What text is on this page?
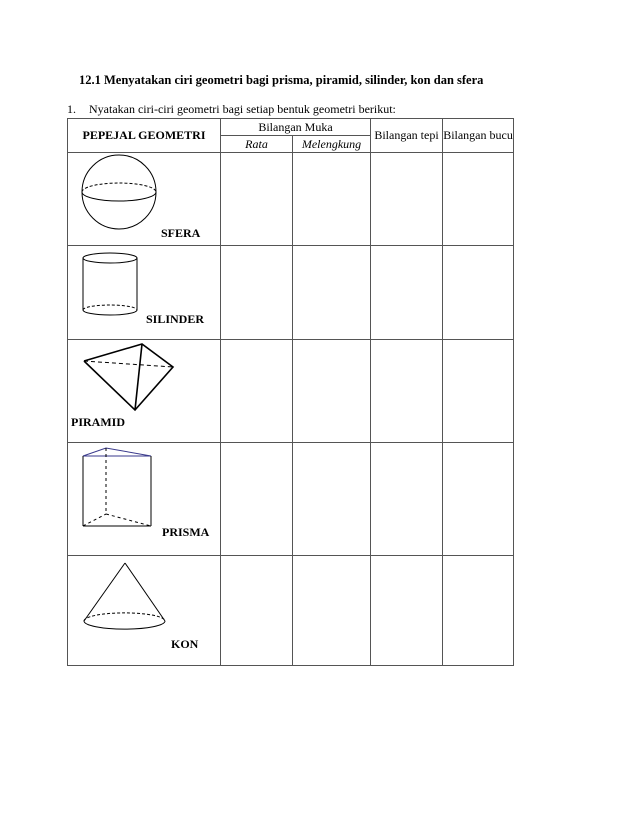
12.1 Menyatakan ciri geometri bagi prisma, piramid, silinder, kon dan sfera
1. Nyatakan ciri-ciri geometri bagi setiap bentuk geometri berikut:
PEPEJAL GEOMETRI	Bilangan Muka		Bilangan tepi	Bilangan bucu
	Rata	Melengkung		

SFERA				

SILINDER				

PIRAMID				

PRISMA				

KON				
